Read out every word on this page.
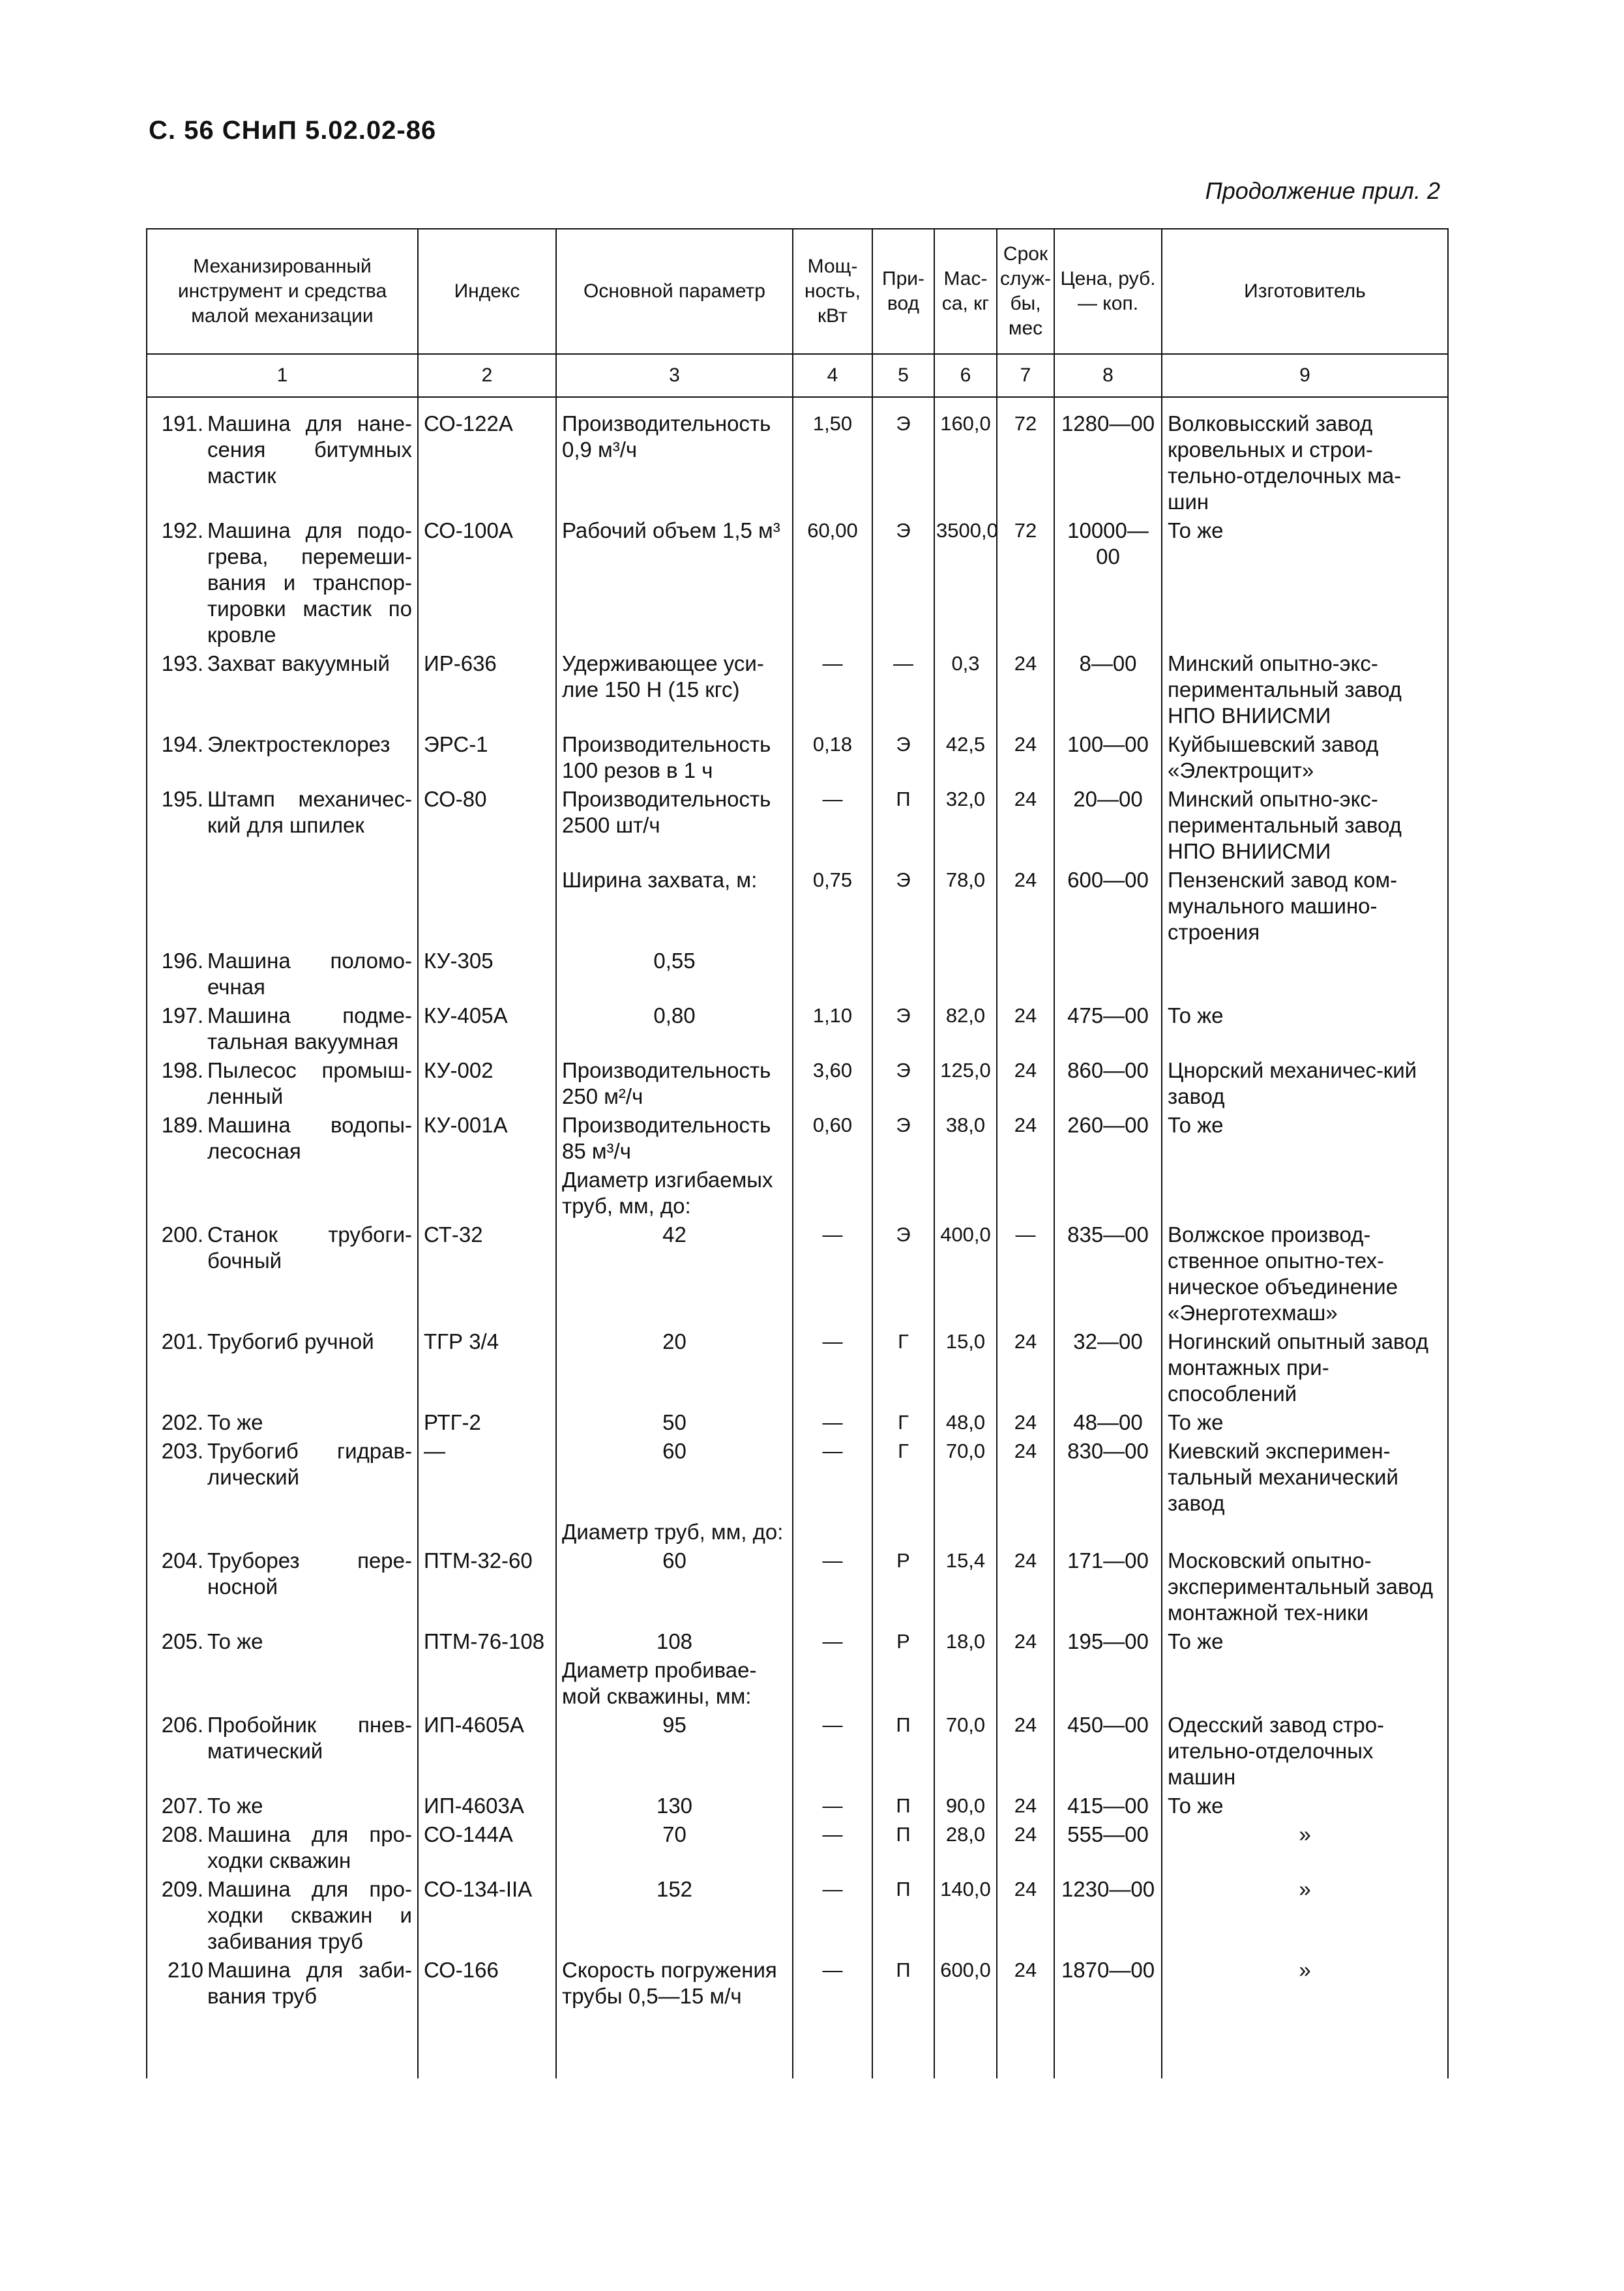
С. 56 СНиП 5.02.02-86
Продолжение прил. 2
Механизированный инструмент и средства малой механизации	Индекс	Основной параметр	Мощ-ность, кВт	При-вод	Мас-са, кг	Срок служ-бы, мес	Цена, руб.— коп.	Изготовитель
1	2	3	4	5	6	7	8	9

191. Машина для нане-сения битумных мастик	СО-122А	Производительность 0,9 м³/ч	1,50	Э	160,0	72	1280—00	Волковысский завод кровельных и строи-тельно-отделочных ма-шин

192. Машина для подо-грева, перемеши-вания и транспор-тировки мастик по кровле	СО-100А	Рабочий объем 1,5 м³	60,00	Э	3500,0	72	10000—00	То же

193. Захват вакуумный	ИР-636	Удерживающее уси-лие 150 Н (15 кгс)	—	—	0,3	24	8—00	Минский опытно-экс-периментальный завод НПО ВНИИСМИ

194. Электростеклорез	ЭРС-1	Производительность 100 резов в 1 ч	0,18	Э	42,5	24	100—00	Куйбышевский завод «Электрощит»

195. Штамп механичес-кий для шпилек	СО-80	Производительность 2500 шт/ч	—	П	32,0	24	20—00	Минский опытно-экс-периментальный завод НПО ВНИИСМИ

		Ширина захвата, м:	0,75	Э	78,0	24	600—00	Пензенский завод ком-мунального машино-строения

196. Машина поломо-ечная	КУ-305	0,55						

197. Машина подме-тальная вакуумная	КУ-405А	0,80	1,10	Э	82,0	24	475—00	То же

198. Пылесос промыш-ленный	КУ-002	Производительность 250 м²/ч	3,60	Э	125,0	24	860—00	Цнорский механичес-кий завод

189. Машина водопы-лесосная	КУ-001А	Производительность 85 м³/ч	0,60	Э	38,0	24	260—00	То же

		Диаметр изгибаемых труб, мм, до:						

200. Станок трубоги-бочный	СТ-32	42	—	Э	400,0	—	835—00	Волжское производ-ственное опытно-тех-ническое объединение «Энерготехмаш»

201. Трубогиб ручной	ТГР 3/4	20	—	Г	15,0	24	32—00	Ногинский опытный завод монтажных при-способлений

202. То же	РТГ-2	50	—	Г	48,0	24	48—00	То же

203. Трубогиб гидрав-лический	—	60	—	Г	70,0	24	830—00	Киевский эксперимен-тальный механический завод

		Диаметр труб, мм, до:						

204. Труборез пере-носной	ПТМ-32-60	60	—	Р	15,4	24	171—00	Московский опытно-экспериментальный завод монтажной тех-ники

205. То же	ПТМ-76-108	108	—	Р	18,0	24	195—00	То же

		Диаметр пробивае-мой скважины, мм:						

206. Пробойник пнев-матический	ИП-4605А	95	—	П	70,0	24	450—00	Одесский завод стро-ительно-отделочных машин

207. То же	ИП-4603А	130	—	П	90,0	24	415—00	То же

208. Машина для про-ходки скважин	СО-144А	70	—	П	28,0	24	555—00	»

209. Машина для про-ходки скважин и забивания труб	СО-134-IIА	152	—	П	140,0	24	1230—00	»

210 Машина для заби-вания труб	СО-166	Скорость погружения трубы 0,5—15 м/ч	—	П	600,0	24	1870—00	»
